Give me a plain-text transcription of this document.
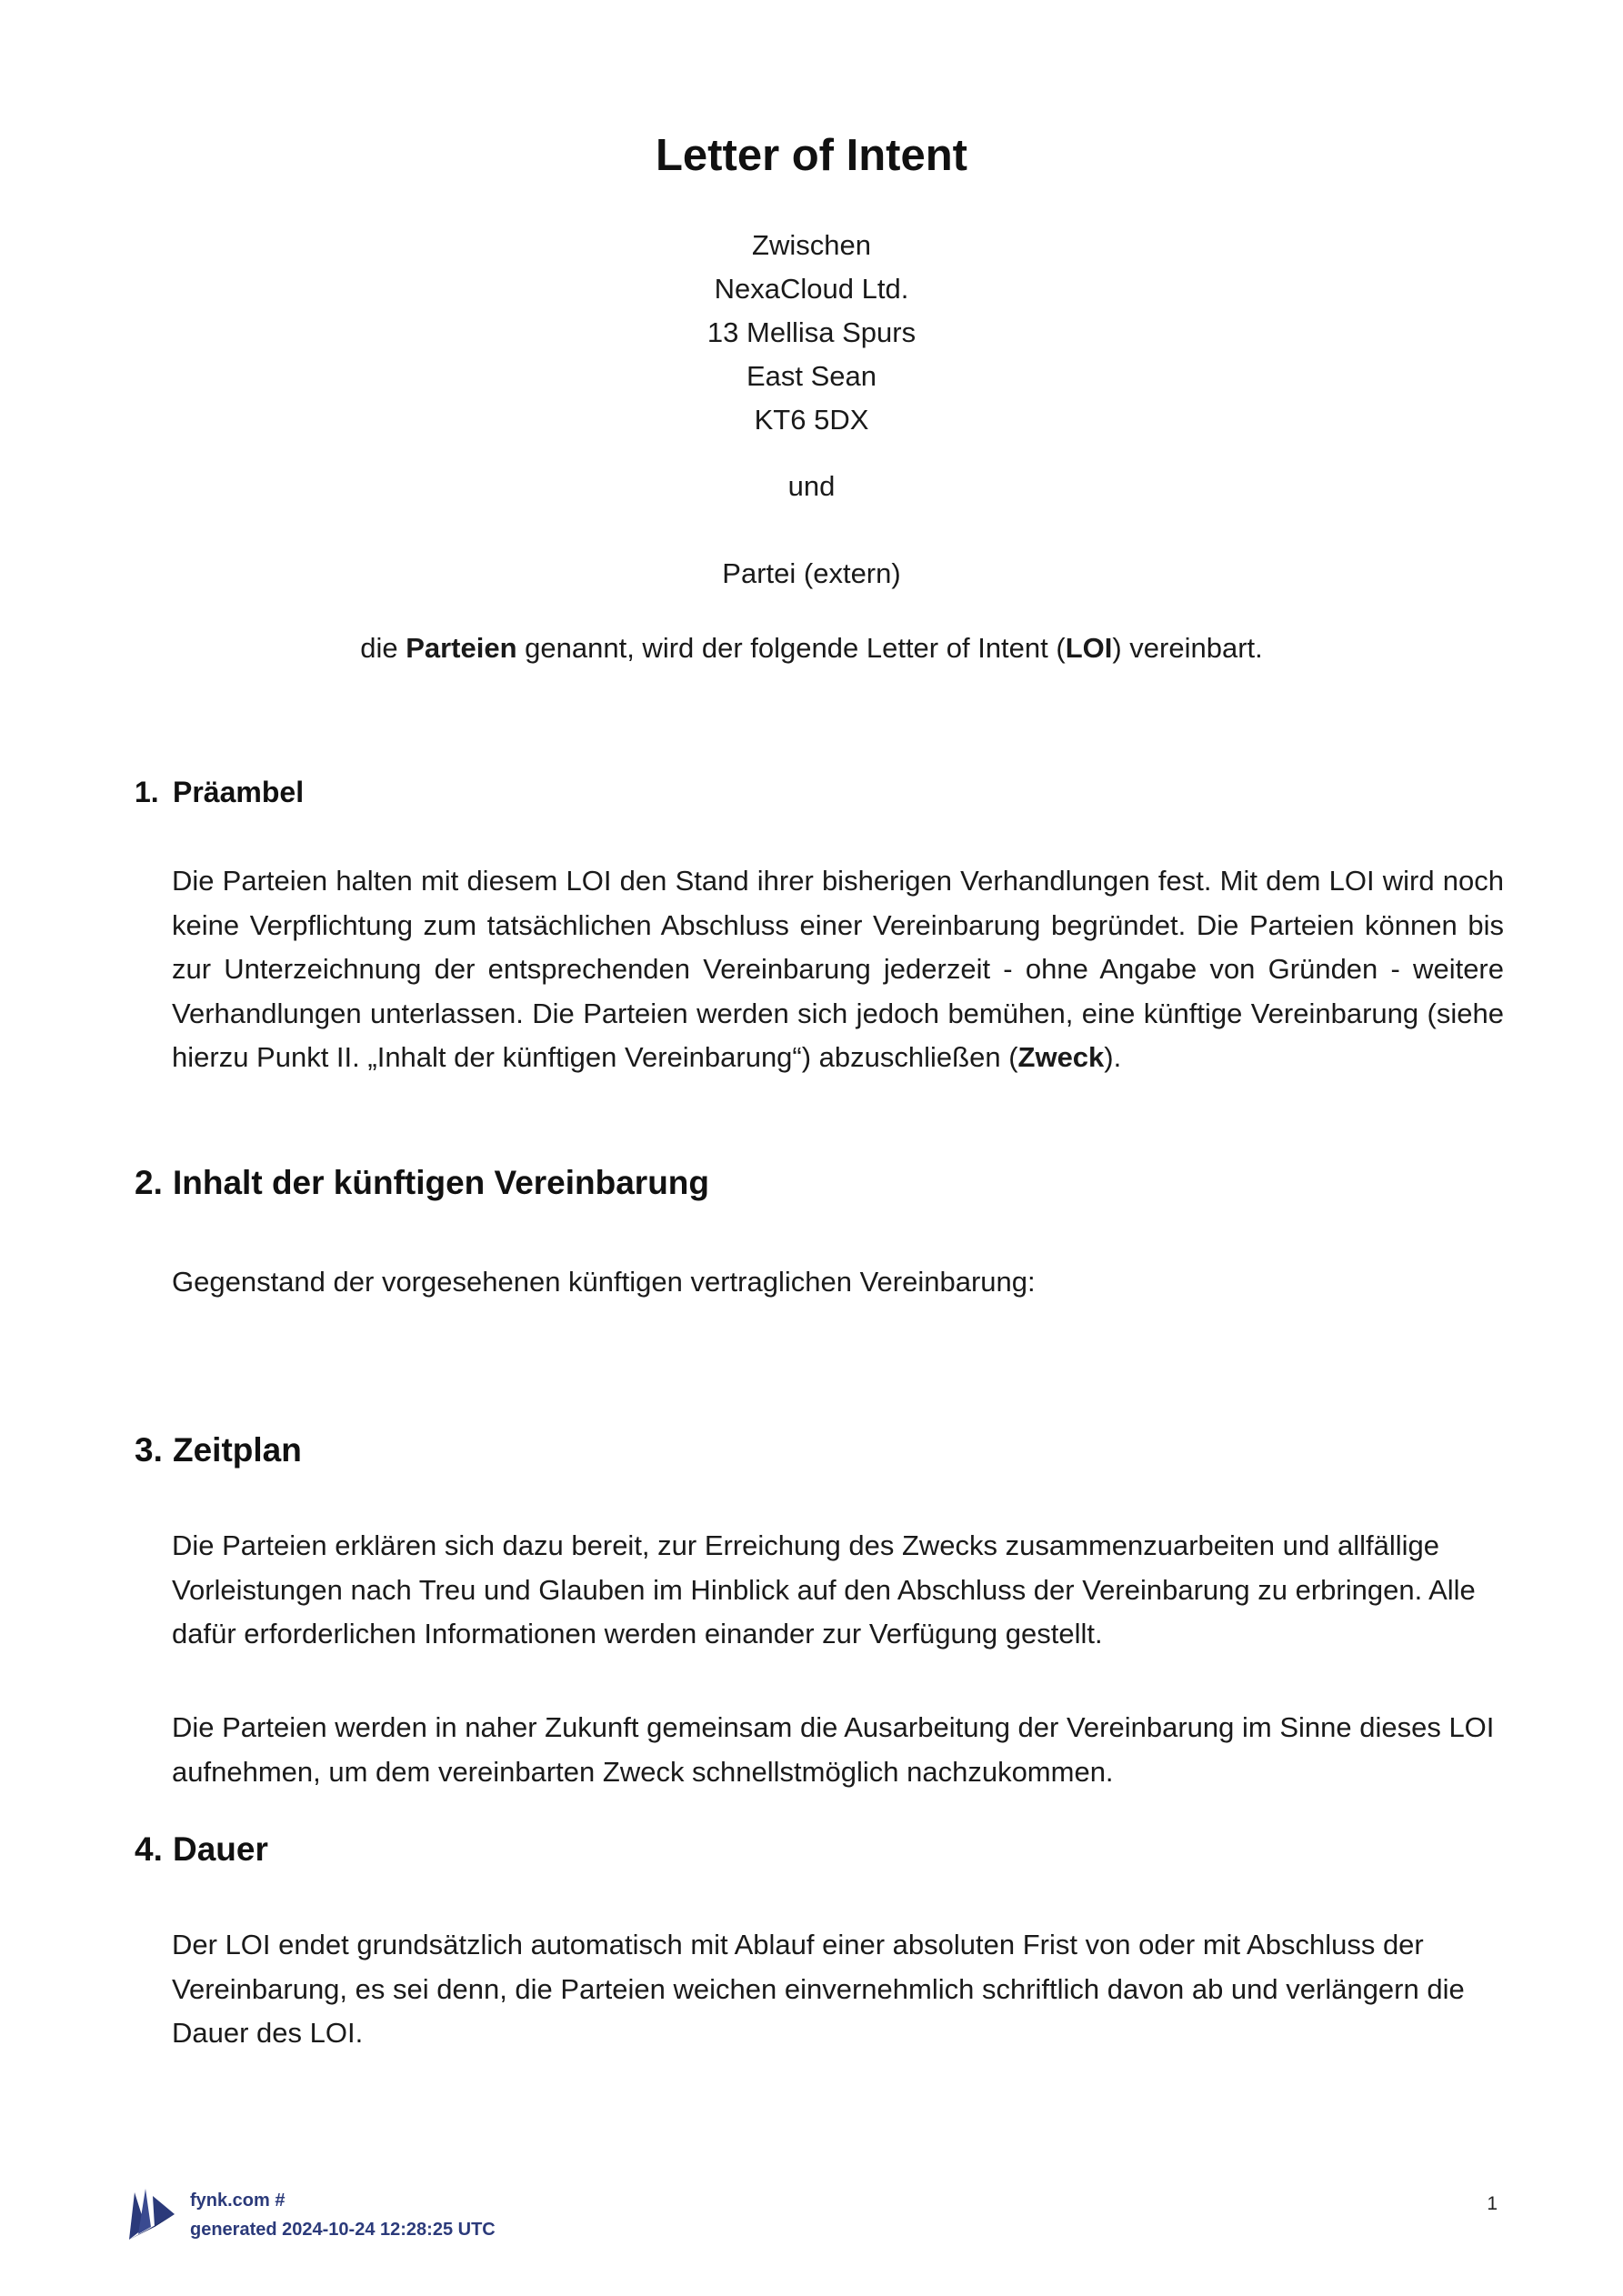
Letter of Intent
Zwischen
NexaCloud Ltd.
13 Mellisa Spurs
East Sean
KT6 5DX
und
Partei (extern)
die Parteien genannt, wird der folgende Letter of Intent (LOI) vereinbart.
1. Präambel
Die Parteien halten mit diesem LOI den Stand ihrer bisherigen Verhandlungen fest. Mit dem LOI wird noch keine Verpflichtung zum tatsächlichen Abschluss einer Vereinbarung begründet. Die Parteien können bis zur Unterzeichnung der entsprechenden Vereinbarung jederzeit - ohne Angabe von Gründen - weitere Verhandlungen unterlassen. Die Parteien werden sich jedoch bemühen, eine künftige Vereinbarung (siehe hierzu Punkt II. „Inhalt der künftigen Vereinbarung“) abzuschließen (Zweck).
2. Inhalt der künftigen Vereinbarung
Gegenstand der vorgesehenen künftigen vertraglichen Vereinbarung:
3. Zeitplan
Die Parteien erklären sich dazu bereit, zur Erreichung des Zwecks zusammenzuarbeiten und allfällige Vorleistungen nach Treu und Glauben im Hinblick auf den Abschluss der Vereinbarung zu erbringen. Alle dafür erforderlichen Informationen werden einander zur Verfügung gestellt.
Die Parteien werden in naher Zukunft gemeinsam die Ausarbeitung der Vereinbarung im Sinne dieses LOI aufnehmen, um dem vereinbarten Zweck schnellstmöglich nachzukommen.
4. Dauer
Der LOI endet grundsätzlich automatisch mit Ablauf einer absoluten Frist von oder mit Abschluss der Vereinbarung, es sei denn, die Parteien weichen einvernehmlich schriftlich davon ab und verlängern die Dauer des LOI.
fynk.com #
generated 2024-10-24 12:28:25 UTC
1
